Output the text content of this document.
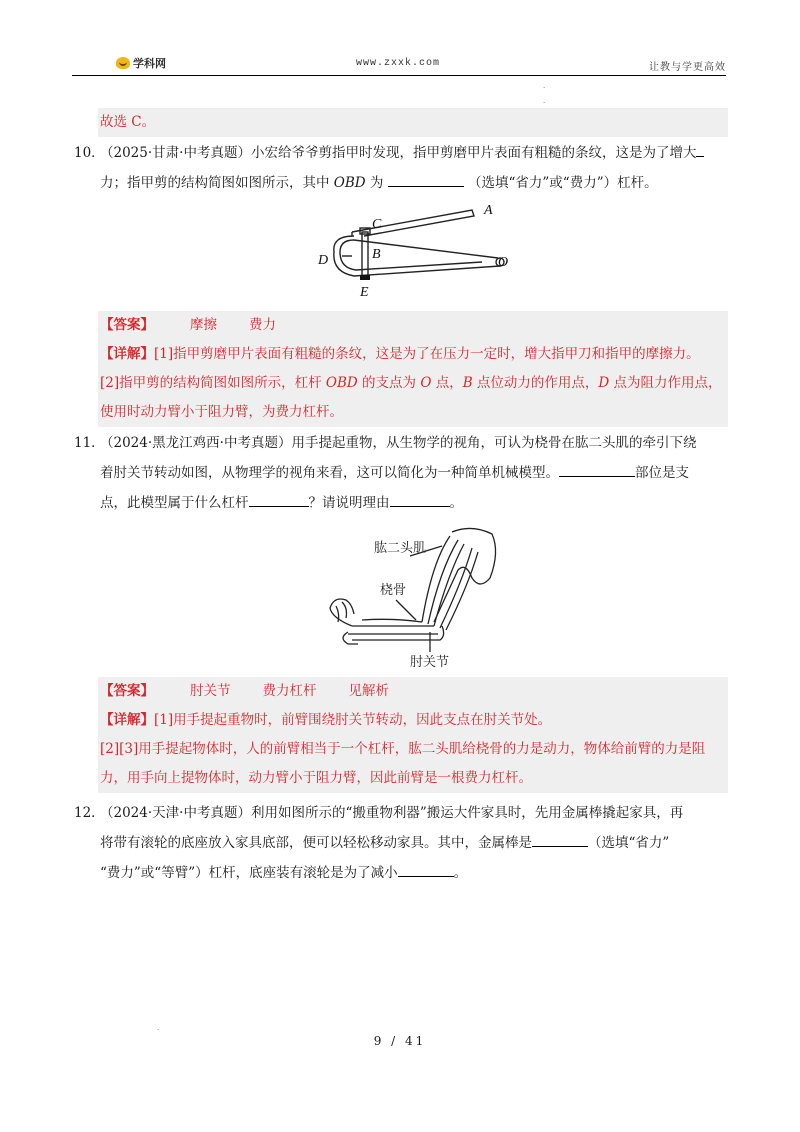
学科网	www.zxxk.com	让教与学更高效
·
·
故选 C。
10．（2025·甘肃·中考真题）小宏给爷爷剪指甲时发现，指甲剪磨甲片表面有粗糙的条纹，这是为了增大
力；指甲剪的结构简图如图所示，其中 OBD 为	（选填“省力”或“费力”）杠杆。
C
A
B
D
E
O
【答案】	摩擦 费力
【详解】[1]指甲剪磨甲片表面有粗糙的条纹，这是为了在压力一定时，增大指甲刀和指甲的摩擦力。
[2]指甲剪的结构简图如图所示，杠杆 OBD 的支点为 O 点，B 点位动力的作用点，D 点为阻力作用点，
使用时动力臂小于阻力臂，为费力杠杆。
11．（2024·黑龙江鸡西·中考真题）用手提起重物，从生物学的视角，可认为桡骨在肱二头肌的牵引下绕
着肘关节转动如图，从物理学的视角来看，这可以简化为一种简单机械模型。	部位是支
点，此模型属于什么杠杆	？请说明理由	。
肱二头肌
桡骨
肘关节
【答案】	肘关节 费力杠杆 见解析
【详解】[1]用手提起重物时，前臂围绕肘关节转动，因此支点在肘关节处。
[2][3]用手提起物体时，人的前臂相当于一个杠杆，肱二头肌给桡骨的力是动力，物体给前臂的力是阻
力，用手向上提物体时，动力臂小于阻力臂，因此前臂是一根费力杠杆。
12．（2024·天津·中考真题）利用如图所示的“搬重物利器”搬运大件家具时，先用金属棒撬起家具，再
将带有滚轮的底座放入家具底部，便可以轻松移动家具。其中，金属棒是	（选填“省力”
“费力”或“等臂”）杠杆，底座装有滚轮是为了减小	。
·
9 / 41
